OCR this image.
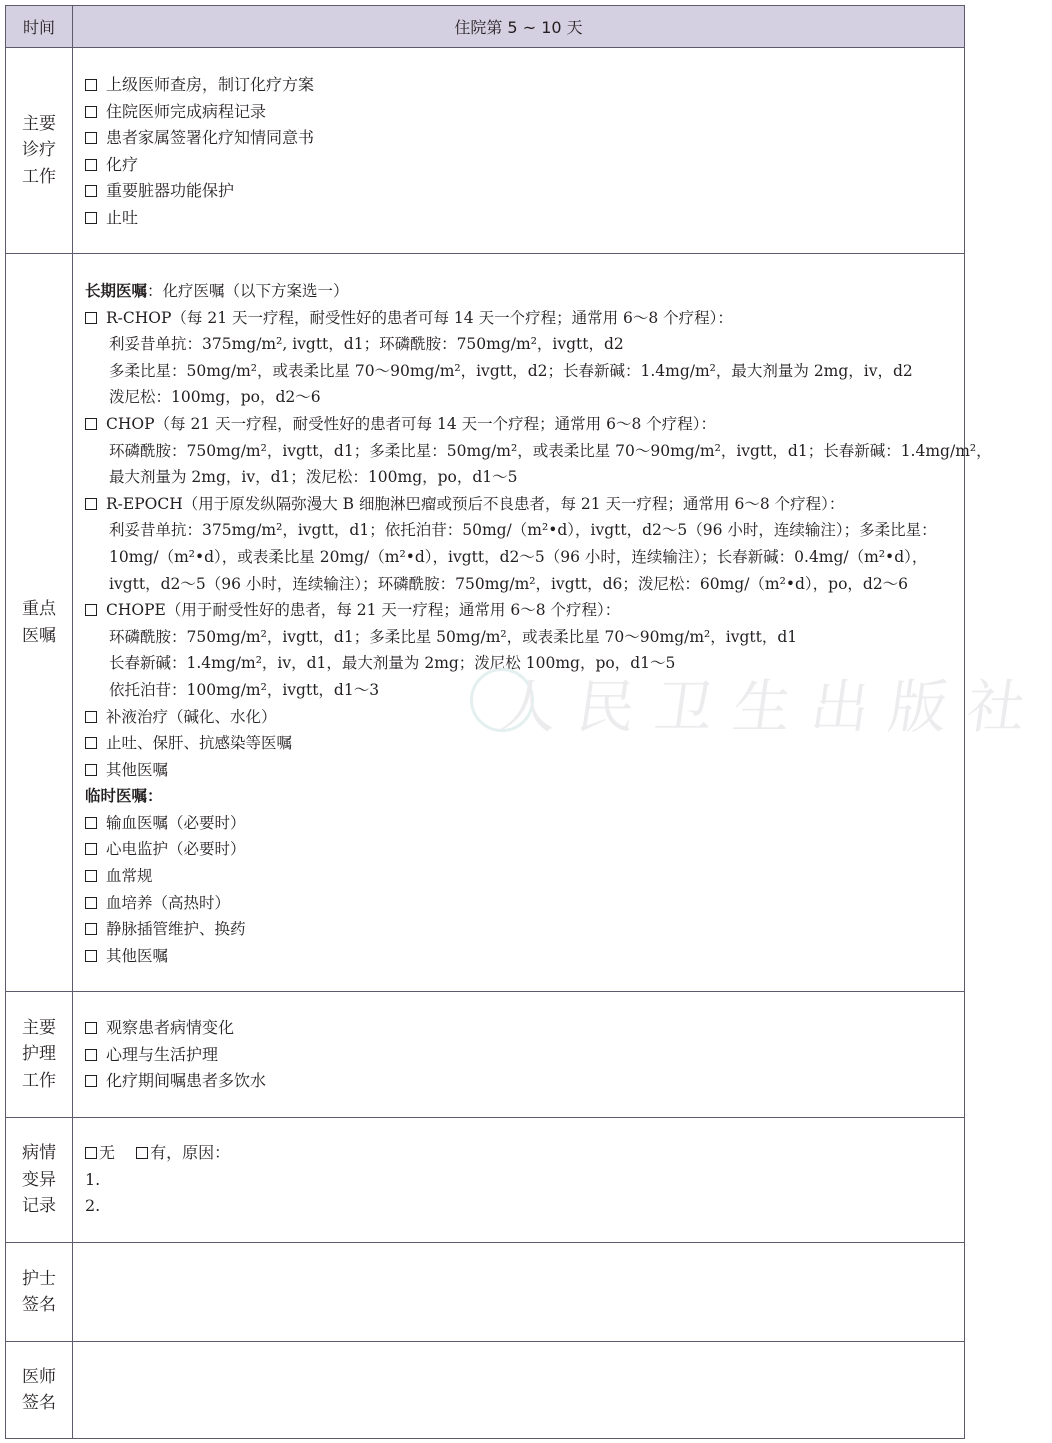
时间	住院第 5 ~ 10 天
主要
诊疗
工作
上级医师查房，制订化疗方案
住院医师完成病程记录
患者家属签署化疗知情同意书
化疗
重要脏器功能保护
止吐
重点
医嘱
长期医嘱：化疗医嘱（以下方案选一）
R-CHOP（每 21 天一疗程，耐受性好的患者可每 14 天一个疗程；通常用 6～8 个疗程）：
利妥昔单抗：375mg/m², ivgtt，d1；环磷酰胺：750mg/m²，ivgtt，d2
多柔比星：50mg/m²，或表柔比星 70～90mg/m²，ivgtt，d2；长春新碱：1.4mg/m²，最大剂量为 2mg，iv，d2
泼尼松：100mg，po，d2～6
CHOP（每 21 天一疗程，耐受性好的患者可每 14 天一个疗程；通常用 6～8 个疗程）：
环磷酰胺：750mg/m²，ivgtt，d1；多柔比星：50mg/m²，或表柔比星 70～90mg/m²，ivgtt，d1；长春新碱：1.4mg/m²，
最大剂量为 2mg，iv，d1；泼尼松：100mg，po，d1～5
R-EPOCH（用于原发纵隔弥漫大 B 细胞淋巴瘤或预后不良患者，每 21 天一疗程；通常用 6～8 个疗程）：
利妥昔单抗：375mg/m²，ivgtt，d1；依托泊苷：50mg/（m²•d），ivgtt，d2～5（96 小时，连续输注）；多柔比星：
10mg/（m²•d），或表柔比星 20mg/（m²•d），ivgtt，d2～5（96 小时，连续输注）；长春新碱：0.4mg/（m²•d），
ivgtt，d2～5（96 小时，连续输注）；环磷酰胺：750mg/m²，ivgtt，d6；泼尼松：60mg/（m²•d），po，d2～6
CHOPE（用于耐受性好的患者，每 21 天一疗程；通常用 6～8 个疗程）：
环磷酰胺：750mg/m²，ivgtt，d1；多柔比星 50mg/m²，或表柔比星 70～90mg/m²，ivgtt，d1
长春新碱：1.4mg/m²，iv，d1，最大剂量为 2mg；泼尼松 100mg，po，d1～5
依托泊苷：100mg/m²，ivgtt，d1～3
补液治疗（碱化、水化）
止吐、保肝、抗感染等医嘱
其他医嘱
临时医嘱：
输血医嘱（必要时）
心电监护（必要时）
血常规
血培养（高热时）
静脉插管维护、换药
其他医嘱
主要
护理
工作
观察患者病情变化
心理与生活护理
化疗期间嘱患者多饮水
病情
变异
记录
无 有，原因：
1.
2.
护士
签名
医师
签名
人民卫生出版社
